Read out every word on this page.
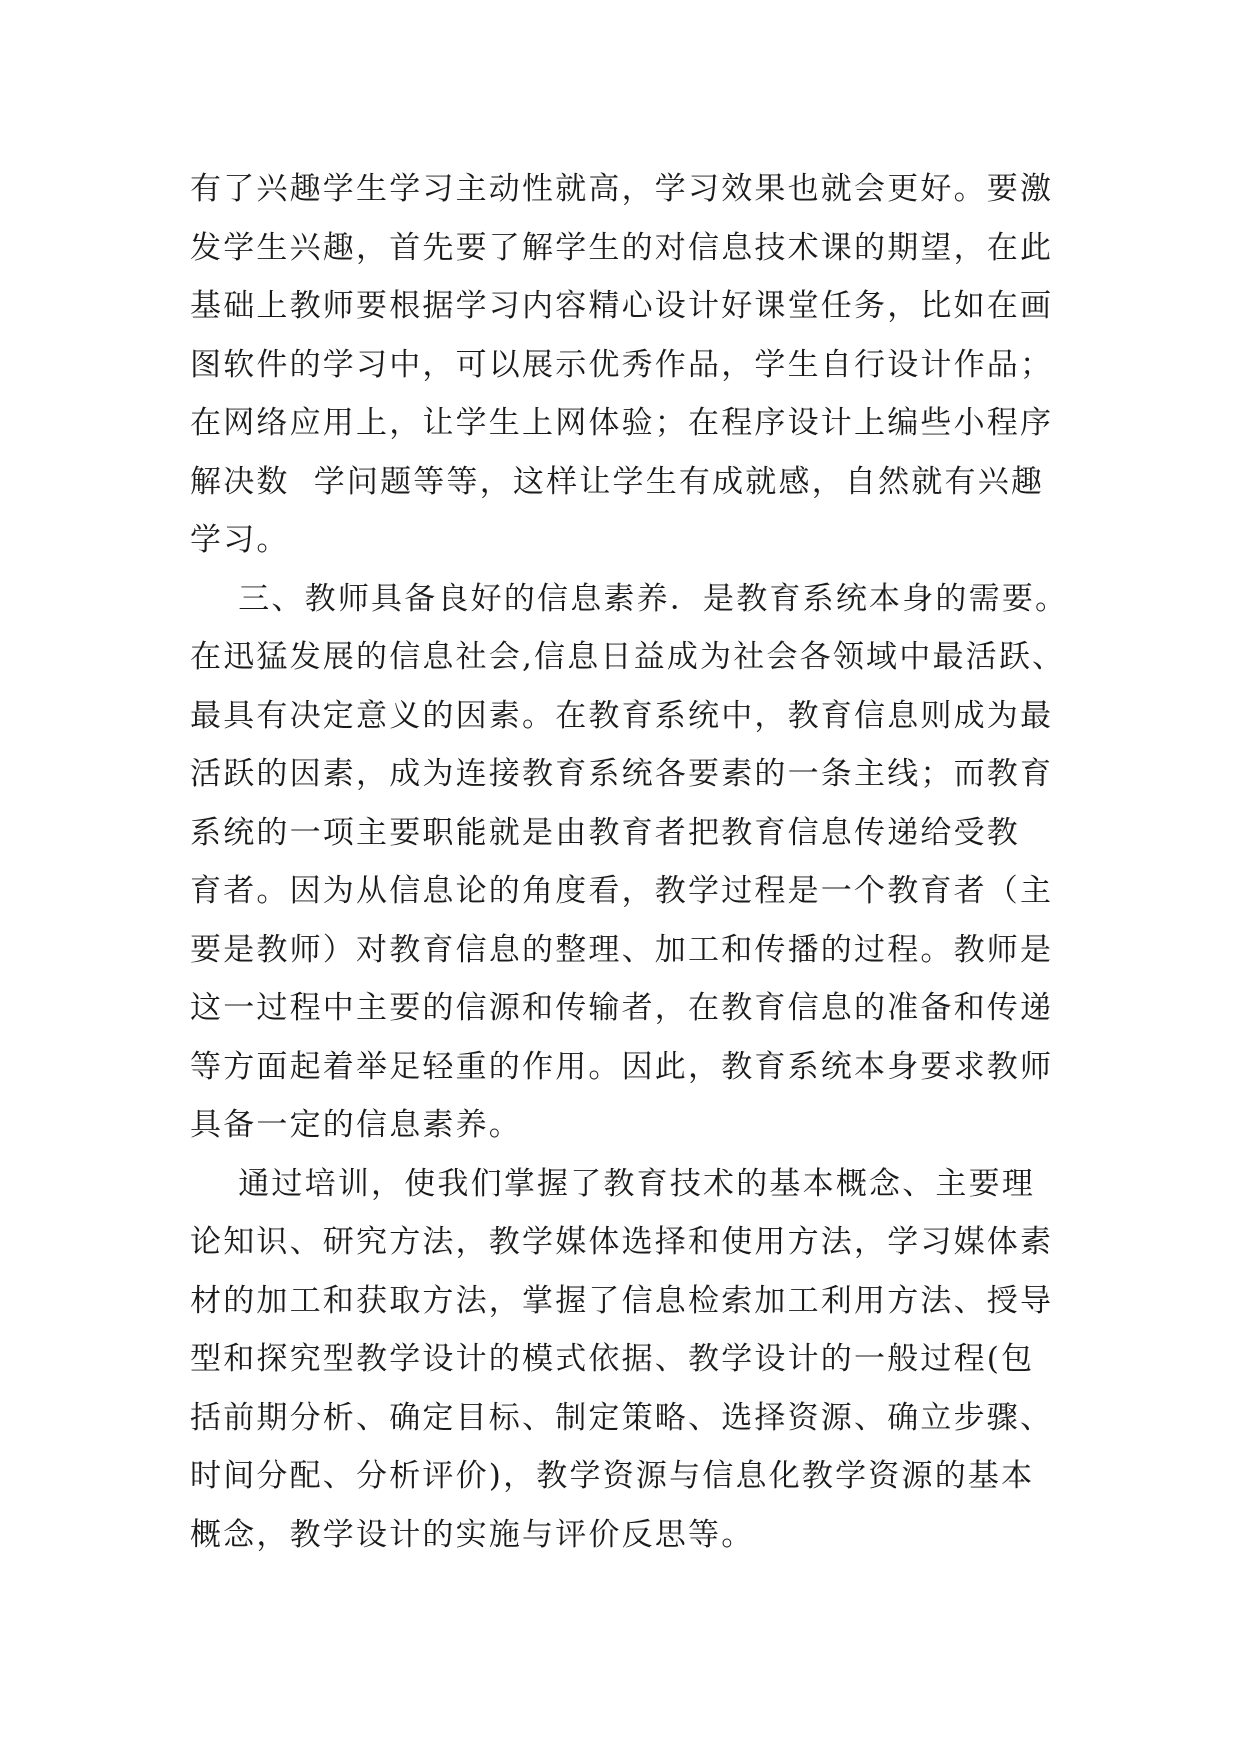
有了兴趣学生学习主动性就高，学习效果也就会更好。要激
发学生兴趣，首先要了解学生的对信息技术课的期望，在此
基础上教师要根据学习内容精心设计好课堂任务，比如在画
图软件的学习中，可以展示优秀作品，学生自行设计作品；
在网络应用上，让学生上网体验；在程序设计上编些小程序
解决数  学问题等等，这样让学生有成就感，自然就有兴趣
学习。
三、教师具备良好的信息素养．是教育系统本身的需要。
在迅猛发展的信息社会,信息日益成为社会各领域中最活跃、
最具有决定意义的因素。在教育系统中，教育信息则成为最
活跃的因素，成为连接教育系统各要素的一条主线；而教育
系统的一项主要职能就是由教育者把教育信息传递给受教
育者。因为从信息论的角度看，教学过程是一个教育者（主
要是教师）对教育信息的整理、加工和传播的过程。教师是
这一过程中主要的信源和传输者，在教育信息的准备和传递
等方面起着举足轻重的作用。因此，教育系统本身要求教师
具备一定的信息素养。
通过培训，使我们掌握了教育技术的基本概念、主要理
论知识、研究方法，教学媒体选择和使用方法，学习媒体素
材的加工和获取方法，掌握了信息检索加工利用方法、授导
型和探究型教学设计的模式依据、教学设计的一般过程(包
括前期分析、确定目标、制定策略、选择资源、确立步骤、
时间分配、分析评价)，教学资源与信息化教学资源的基本
概念，教学设计的实施与评价反思等。
